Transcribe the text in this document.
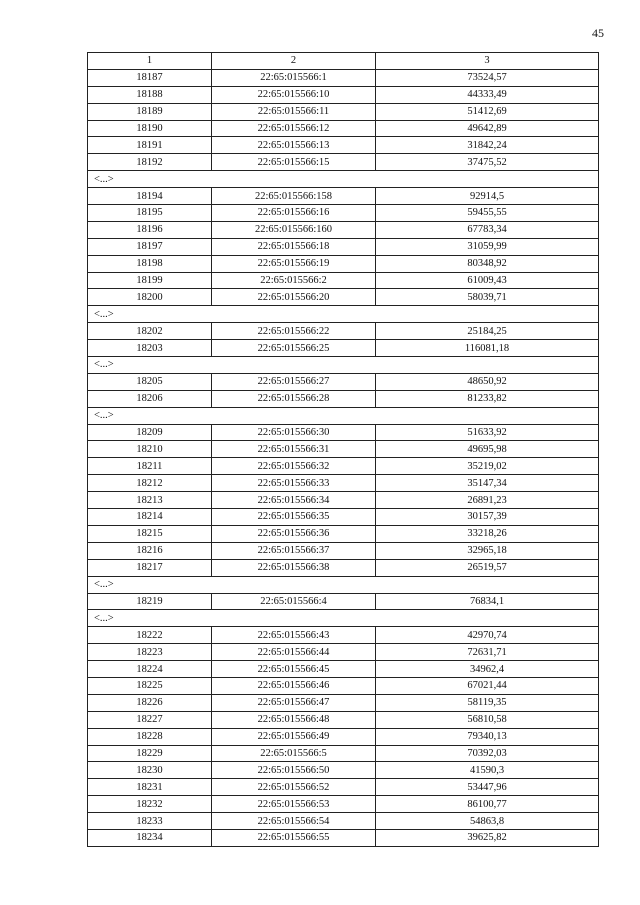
45
1	2	3
18187	22:65:015566:1	73524,57
18188	22:65:015566:10	44333,49
18189	22:65:015566:11	51412,69
18190	22:65:015566:12	49642,89
18191	22:65:015566:13	31842,24
18192	22:65:015566:15	37475,52
<...>		
18194	22:65:015566:158	92914,5
18195	22:65:015566:16	59455,55
18196	22:65:015566:160	67783,34
18197	22:65:015566:18	31059,99
18198	22:65:015566:19	80348,92
18199	22:65:015566:2	61009,43
18200	22:65:015566:20	58039,71
<...>		
18202	22:65:015566:22	25184,25
18203	22:65:015566:25	116081,18
<...>		
18205	22:65:015566:27	48650,92
18206	22:65:015566:28	81233,82
<...>		
18209	22:65:015566:30	51633,92
18210	22:65:015566:31	49695,98
18211	22:65:015566:32	35219,02
18212	22:65:015566:33	35147,34
18213	22:65:015566:34	26891,23
18214	22:65:015566:35	30157,39
18215	22:65:015566:36	33218,26
18216	22:65:015566:37	32965,18
18217	22:65:015566:38	26519,57
<...>		
18219	22:65:015566:4	76834,1
<...>		
18222	22:65:015566:43	42970,74
18223	22:65:015566:44	72631,71
18224	22:65:015566:45	34962,4
18225	22:65:015566:46	67021,44
18226	22:65:015566:47	58119,35
18227	22:65:015566:48	56810,58
18228	22:65:015566:49	79340,13
18229	22:65:015566:5	70392,03
18230	22:65:015566:50	41590,3
18231	22:65:015566:52	53447,96
18232	22:65:015566:53	86100,77
18233	22:65:015566:54	54863,8
18234	22:65:015566:55	39625,82
